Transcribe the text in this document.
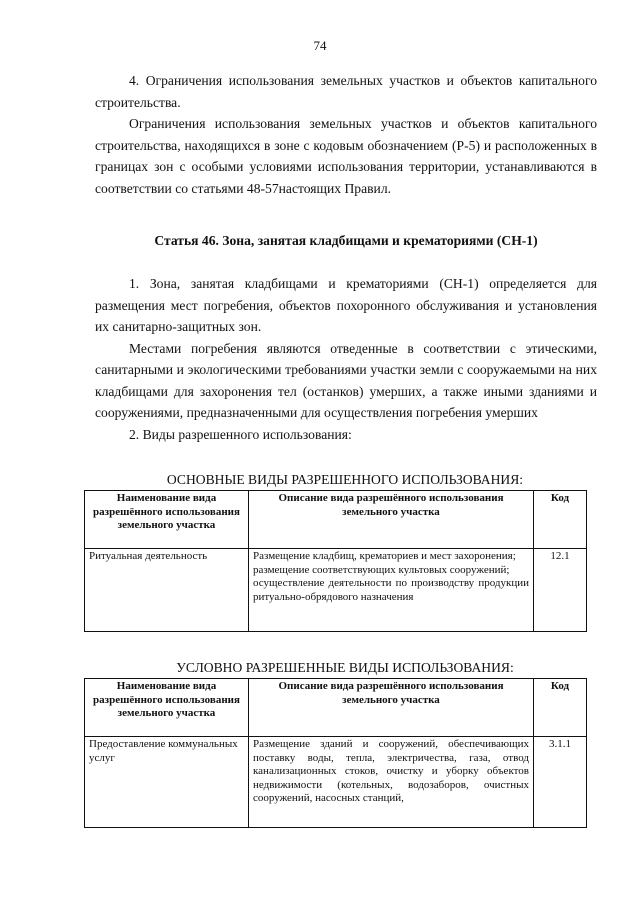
74

4. Ограничения использования земельных участков и объектов капитального строительства.

Ограничения использования земельных участков и объектов капитального строительства, находящихся в зоне с кодовым обозначением (Р-5) и расположенных в границах зон с особыми условиями использования территории, устанавливаются в соответствии со статьями 48-57настоящих Правил.

Статья 46. Зона, занятая кладбищами и крематориями (СН-1)

1. Зона, занятая кладбищами и крематориями (СН-1) определяется для размещения мест погребения, объектов похоронного обслуживания и установления их санитарно-защитных зон.

Местами погребения являются отведенные в соответствии с этическими, санитарными и экологическими требованиями участки земли с сооружаемыми на них кладбищами для захоронения тел (останков) умерших, а также иными зданиями и сооружениями, предназначенными для осуществления погребения умерших

2. Виды разрешенного использования:

ОСНОВНЫЕ ВИДЫ РАЗРЕШЕННОГО ИСПОЛЬЗОВАНИЯ:
Наименование вида разрешённого использования земельного участка	Описание вида разрешённого использования земельного участка	Код
Ритуальная деятельность	Размещение кладбищ, крематориев и мест захоронения;
размещение соответствующих культовых сооружений;
осуществление деятельности по производству продукции ритуально-обрядового назначения	12.1
УСЛОВНО РАЗРЕШЕННЫЕ ВИДЫ ИСПОЛЬЗОВАНИЯ:
Наименование вида разрешённого использования земельного участка	Описание вида разрешённого использования земельного участка	Код
Предоставление коммунальных услуг	Размещение зданий и сооружений, обеспечивающих поставку воды, тепла, электричества, газа, отвод канализационных стоков, очистку и уборку объектов недвижимости (котельных, водозаборов, очистных сооружений, насосных станций,	3.1.1
